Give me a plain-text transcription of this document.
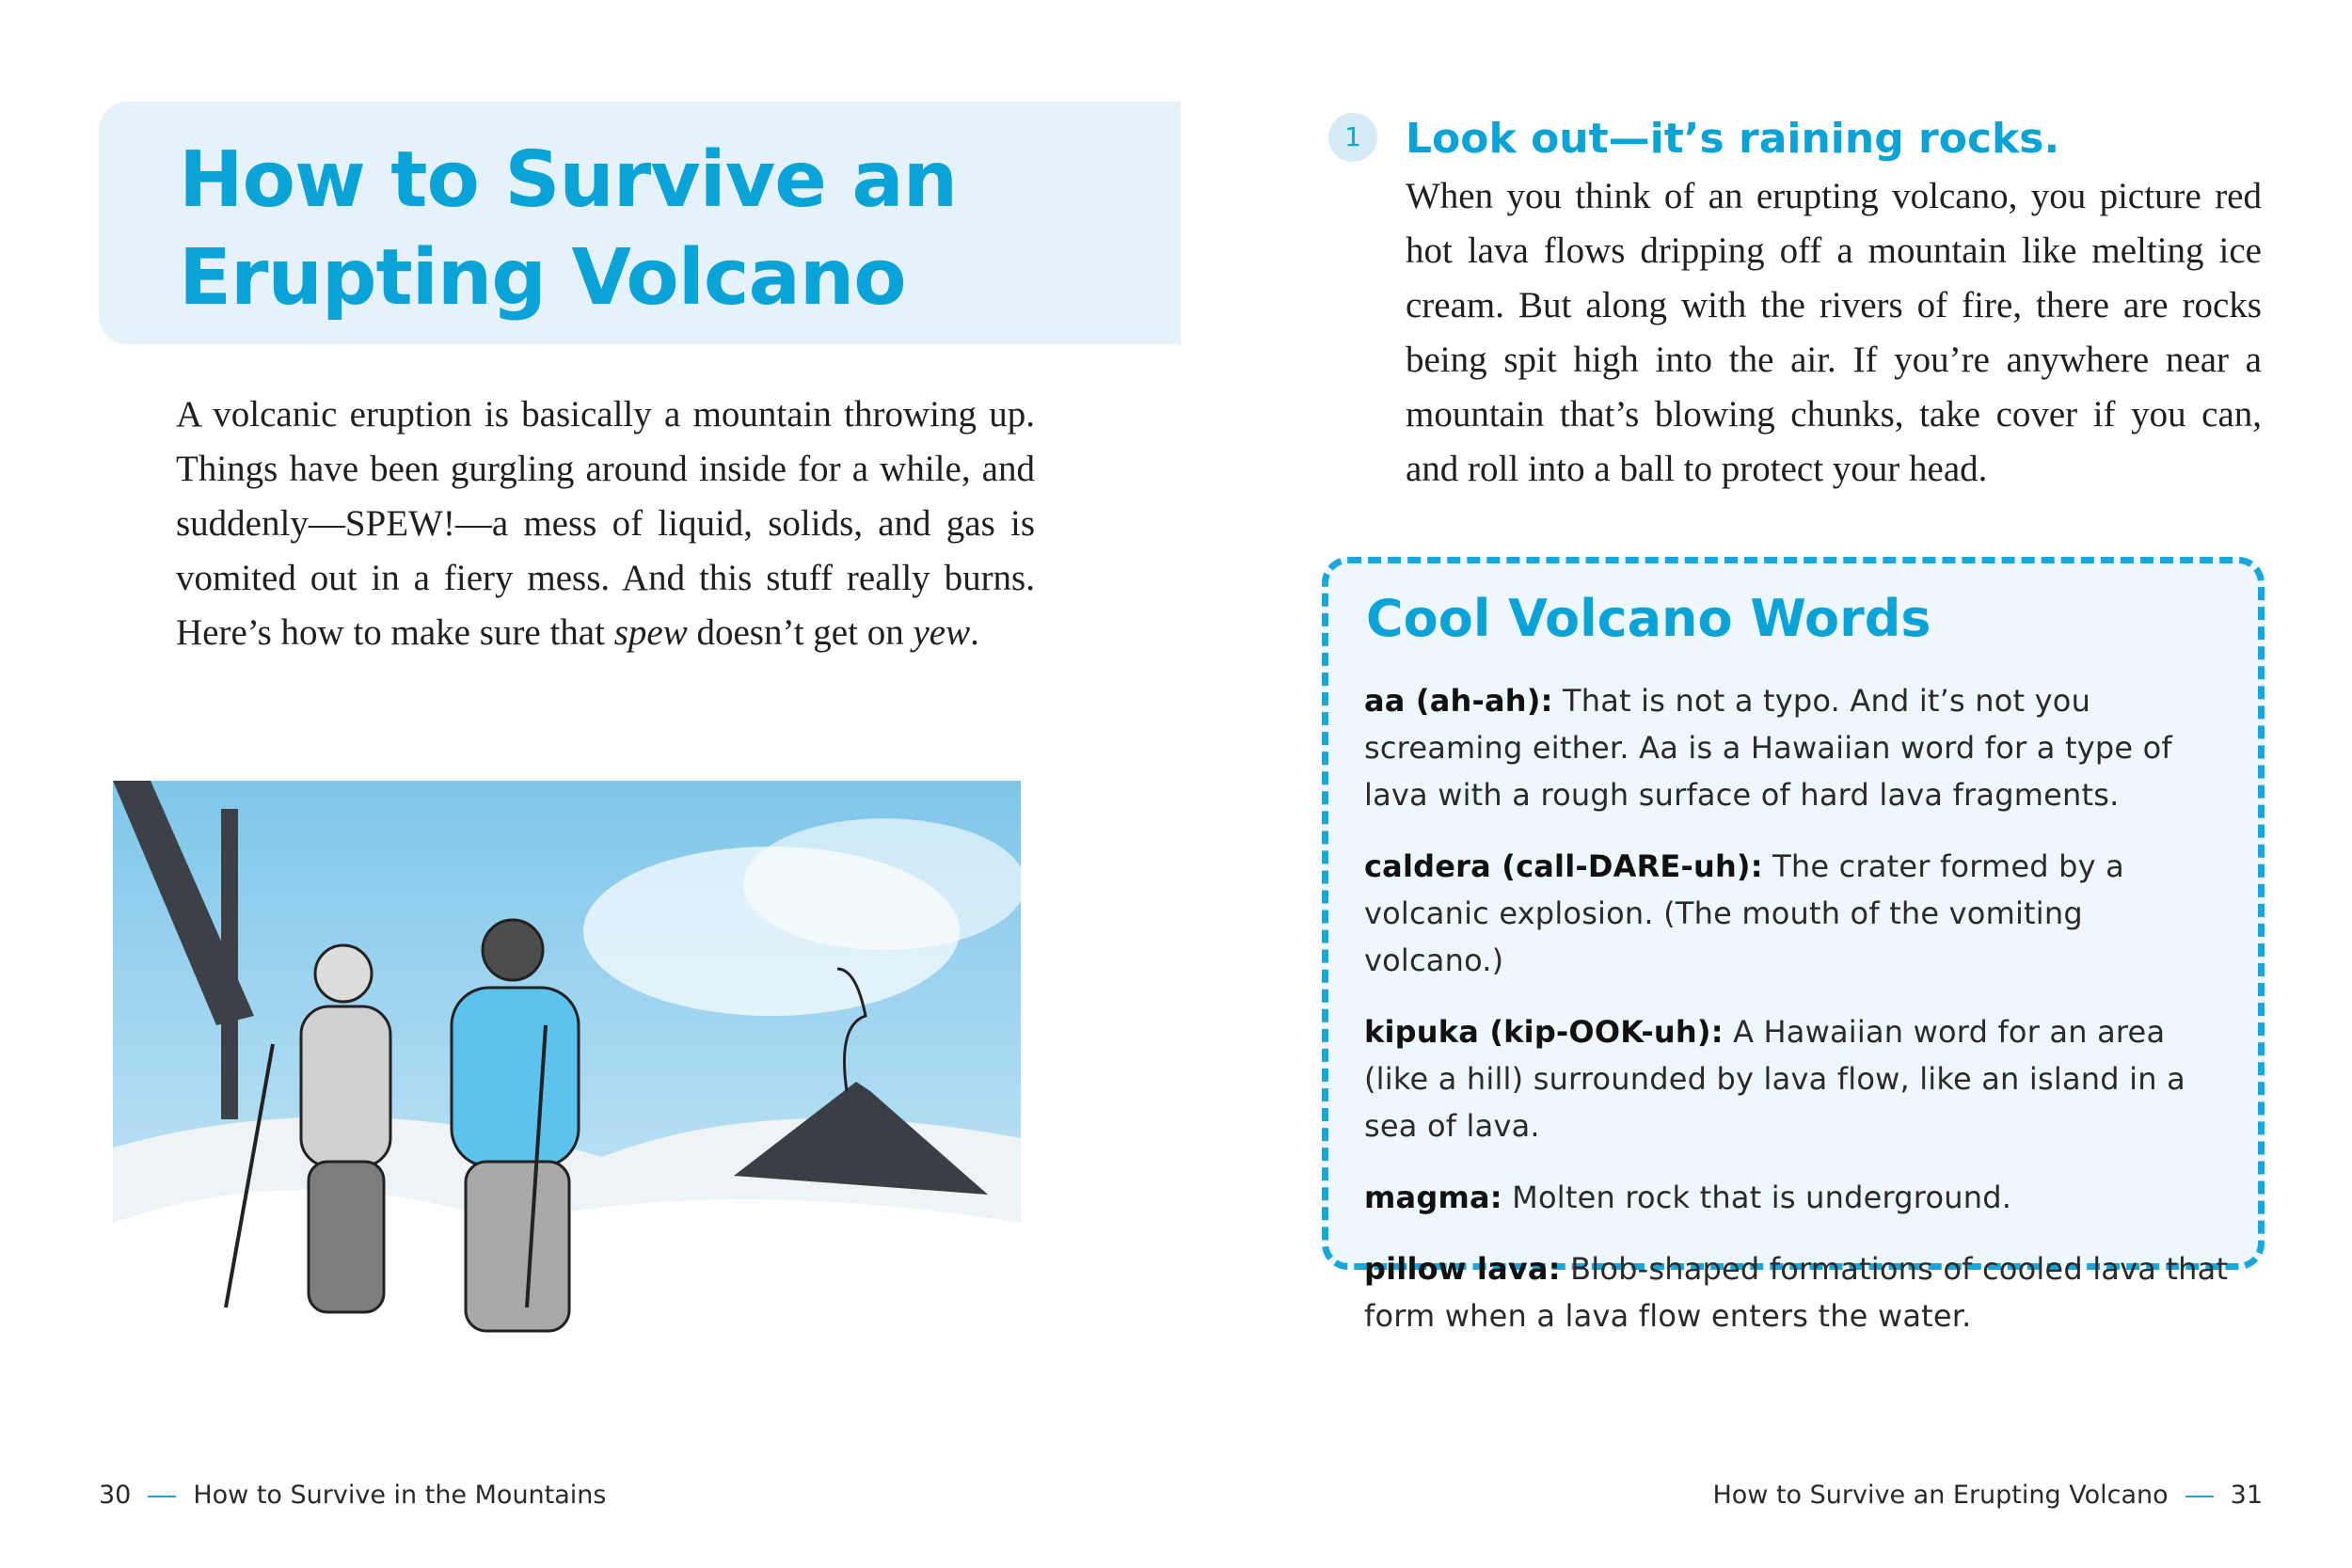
How to Survive an
Erupting Volcano

A volcanic eruption is basically a mountain throwing up. Things have been gurgling around inside for a while, and suddenly—SPEW!—a mess of liquid, solids, and gas is vomited out in a fiery mess. And this stuff really burns. Here’s how to make sure that spew doesn’t get on yew.

30 How to Survive in the Mountains

1	Look out—it’s raining rocks.

When you think of an erupting volcano, you picture red hot lava flows dripping off a mountain like melting ice cream. But along with the rivers of fire, there are rocks being spit high into the air. If you’re anywhere near a mountain that’s blowing chunks, take cover if you can, and roll into a ball to protect your head.

Cool Volcano Words

aa (ah-ah): That is not a typo. And it’s not you screaming either. Aa is a Hawaiian word for a type of lava with a rough surface of hard lava fragments.

caldera (call-DARE-uh): The crater formed by a volcanic explosion. (The mouth of the vomiting volcano.)

kipuka (kip-OOK-uh): A Hawaiian word for an area (like a hill) surrounded by lava flow, like an island in a sea of lava.

magma: Molten rock that is underground.

pillow lava: Blob-shaped formations of cooled lava that form when a lava flow enters the water.

How to Survive an Erupting Volcano 31
